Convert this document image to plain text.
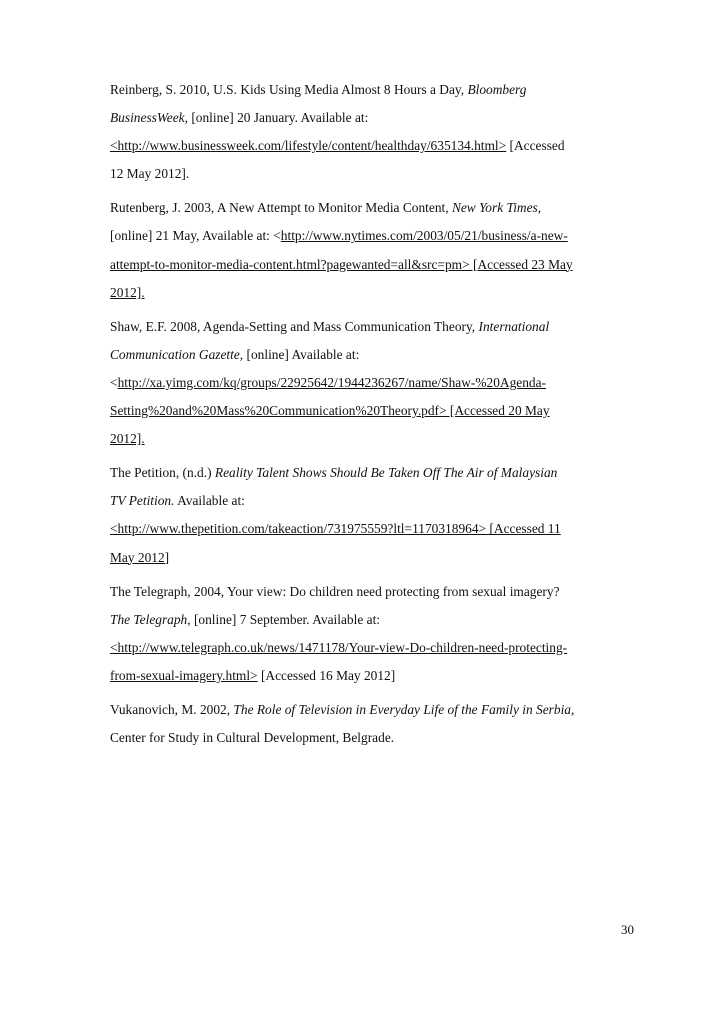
Reinberg, S. 2010, U.S. Kids Using Media Almost 8 Hours a Day, Bloomberg
BusinessWeek, [online] 20 January. Available at:
<http://www.businessweek.com/lifestyle/content/healthday/635134.html> [Accessed
12 May 2012].
Rutenberg, J. 2003, A New Attempt to Monitor Media Content, New York Times,
[online] 21 May, Available at: <http://www.nytimes.com/2003/05/21/business/a-new-
attempt-to-monitor-media-content.html?pagewanted=all&src=pm> [Accessed 23 May
2012].
Shaw, E.F. 2008, Agenda-Setting and Mass Communication Theory, International
Communication Gazette, [online] Available at:
<http://xa.yimg.com/kq/groups/22925642/1944236267/name/Shaw-%20Agenda-
Setting%20and%20Mass%20Communication%20Theory.pdf> [Accessed 20 May
2012].
The Petition, (n.d.) Reality Talent Shows Should Be Taken Off The Air of Malaysian
TV Petition. Available at:
<http://www.thepetition.com/takeaction/731975559?ltl=1170318964> [Accessed 11
May 2012]
The Telegraph, 2004, Your view: Do children need protecting from sexual imagery?
The Telegraph, [online] 7 September. Available at:
<http://www.telegraph.co.uk/news/1471178/Your-view-Do-children-need-protecting-
from-sexual-imagery.html> [Accessed 16 May 2012]
Vukanovich, M. 2002, The Role of Television in Everyday Life of the Family in Serbia,
Center for Study in Cultural Development, Belgrade.
30
